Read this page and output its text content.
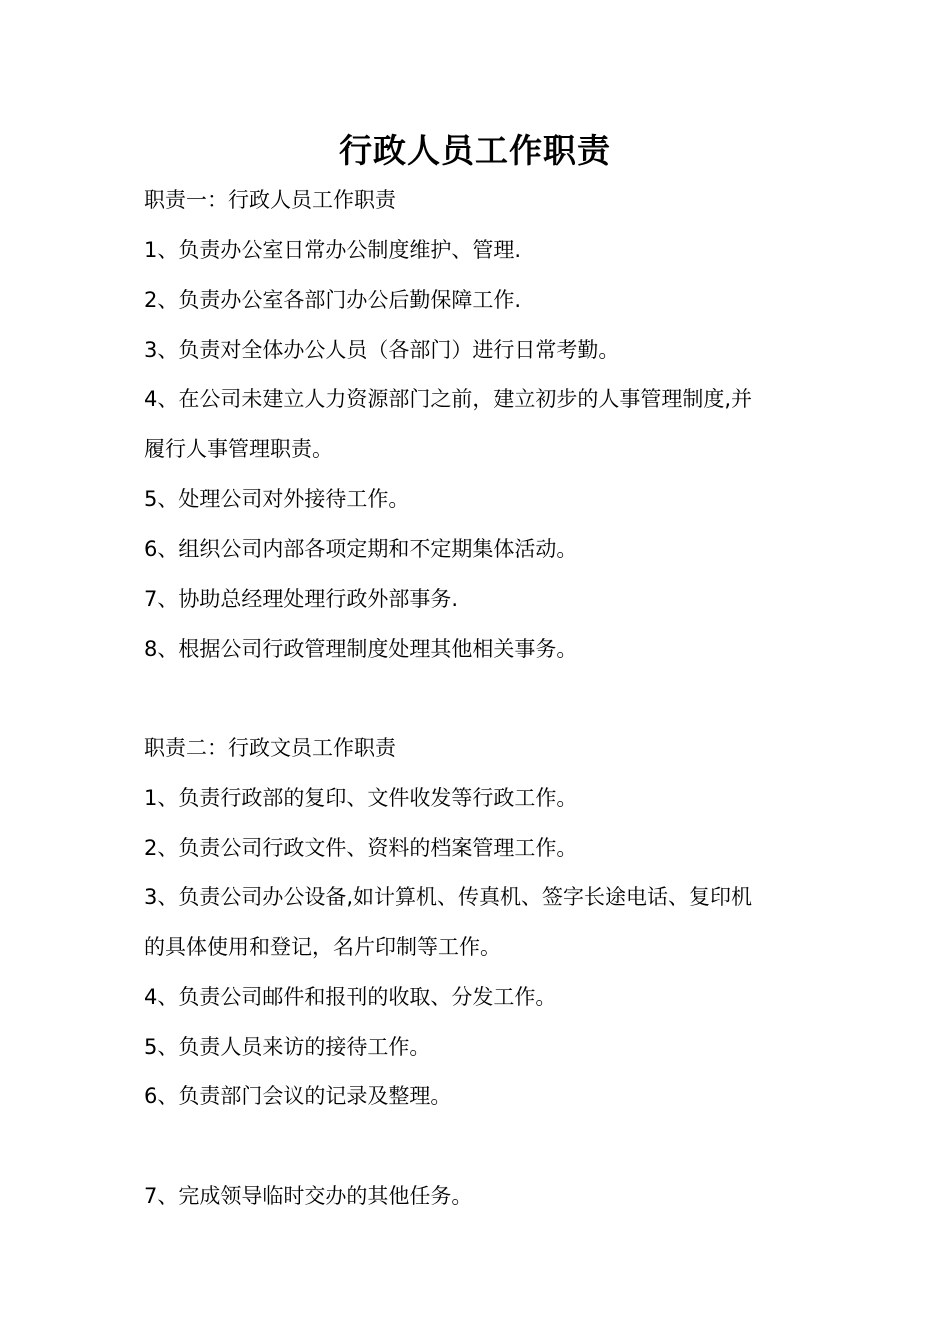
行政人员工作职责
职责一：行政人员工作职责
1、负责办公室日常办公制度维护、管理.
2、负责办公室各部门办公后勤保障工作.
3、负责对全体办公人员（各部门）进行日常考勤。
4、在公司未建立人力资源部门之前，建立初步的人事管理制度,并
履行人事管理职责。
5、处理公司对外接待工作。
6、组织公司内部各项定期和不定期集体活动。
7、协助总经理处理行政外部事务.
8、根据公司行政管理制度处理其他相关事务。
职责二：行政文员工作职责
1、负责行政部的复印、文件收发等行政工作。
2、负责公司行政文件、资料的档案管理工作。
3、负责公司办公设备,如计算机、传真机、签字长途电话、复印机
的具体使用和登记，名片印制等工作。
4、负责公司邮件和报刊的收取、分发工作。
5、负责人员来访的接待工作。
6、负责部门会议的记录及整理。
7、完成领导临时交办的其他任务。
